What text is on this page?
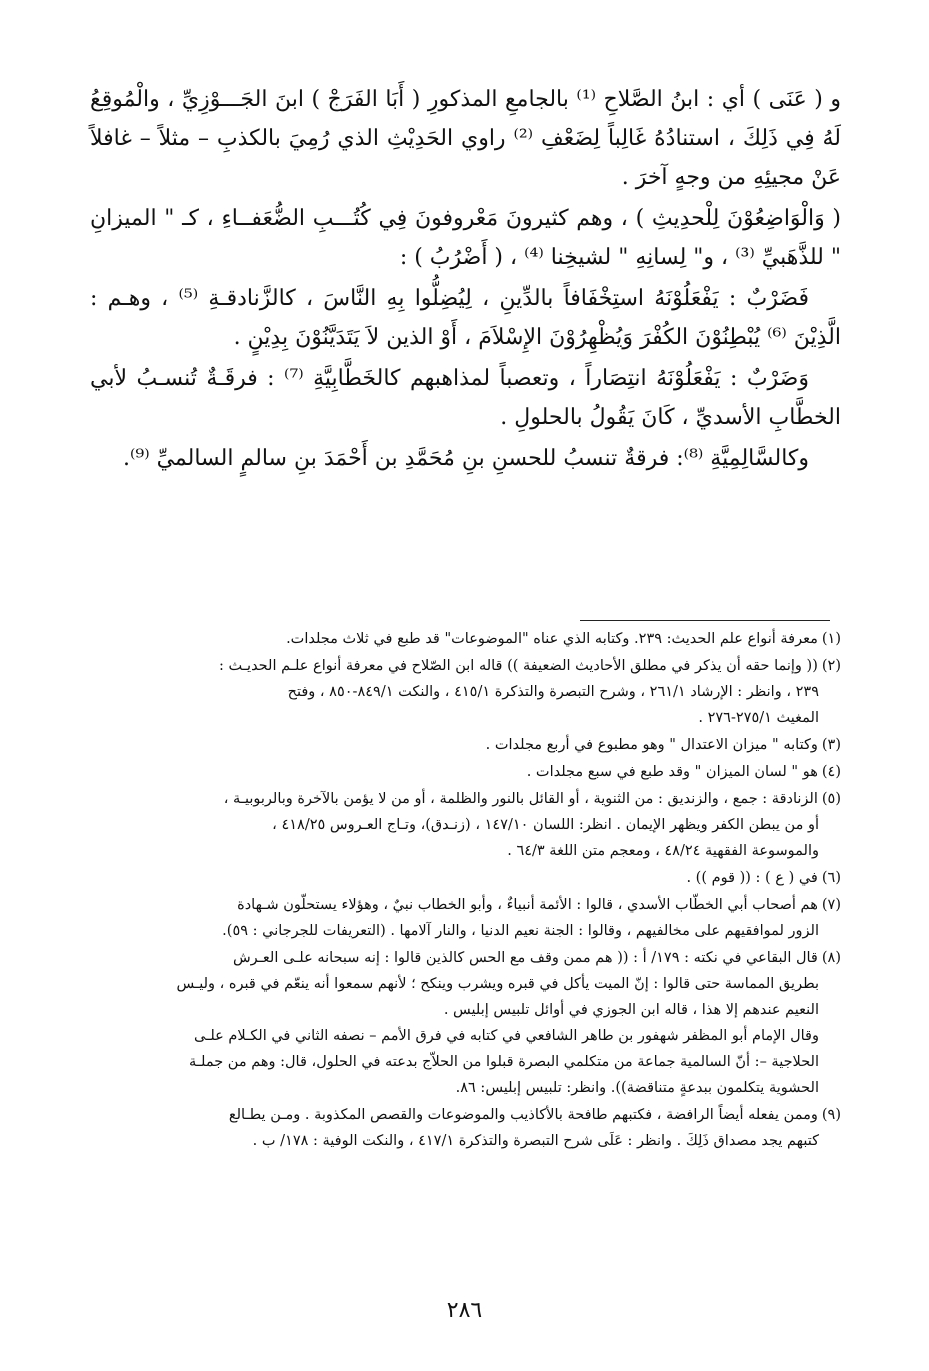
و ( عَنَى ) أي : ابنُ الصَّلاحِ ⁽¹⁾ بالجامعِ المذكورِ ( أَبَا الفَرَجْ ) ابنَ الجَـــوْزِيِّ ، والْمُوقِعُ لَهُ فِي ذَلِكَ ، استنادُهُ غَالِباً لِضَعْفِ ⁽²⁾ راوي الحَدِيْثِ الذي رُمِيَ بالكذبِ – مثلاً – غافلاً عَنْ مجيئِهِ من وجهٍ آخرَ .

( وَالْوَاضِعُوْنَ لِلْحدِيثِ ) ، وهم كثيرونَ مَعْروفونَ فِي كُتُـــبِ الضُّعَفــاءِ ، كـ " الميزانِ " للذَّهَبيِّ ⁽³⁾ ، و" لِسانِهِ " لشيخِنا ⁽⁴⁾ ، ( أَضْرُبُ ) :

فَضَرْبٌ : يَفْعَلُوْنَهُ استِخْفَافاً بالدِّينِ ، لِيُضِلُّوا بِهِ النَّاسَ ، كالزَّنادقـةِ ⁽⁵⁾ ، وهـم : الَّذِيْنَ ⁽⁶⁾ يُبْطِنُوْنَ الكُفْرَ وَيُظْهِرُوْنَ الإِسْلاَمَ ، أَوْ الذين لاَ يَتَدَيَّنُوْنَ بِدِيْنٍ .

وَضَرْبٌ : يَفْعَلُوْنَهُ انتِصَاراً ، وتعصباً لمذاهبهم كالخَطَّابِيَّةِ ⁽⁷⁾ : فرقَـةٌ تُنسـبُ لأبي الخطَّابِ الأسديِّ ، كَانَ يَقُولُ بالحلولِ .

وكالسَّالِمِيَّةِ ⁽⁸⁾: فرقةٌ تنسبُ للحسنِ بنِ مُحَمَّدِ بن أَحْمَدَ بنِ سالمٍ السالميِّ ⁽⁹⁾.

(١)معرفة أنواع علم الحديث: ٢٣٩. وكتابه الذي عناه "الموضوعات" قد طبع في ثلاث مجلدات.
(٢)(( وإنما حقه أن يذكر في مطلق الأحاديث الضعيفة )) قاله ابن الصّلاح في معرفة أنواع علـم الحديـث :
٢٣٩ ، وانظر : الإرشاد ٢٦١/١ ، وشرح التبصرة والتذكرة ٤١٥/١ ، والنكت ٨٤٩/١-٨٥٠ ، وفتح
المغيث ٢٧٥/١-٢٧٦ .
(٣)وكتابه " ميزان الاعتدال " وهو مطبوع في أربع مجلدات .
(٤)هو " لسان الميزان " وقد طبع في سبع مجلدات .
(٥)الزنادقة : جمع ، والزنديق : من الثنوية ، أو القائل بالنور والظلمة ، أو من لا يؤمن بالآخرة وبالربوبيـة ،
أو من يبطن الكفر ويظهر الإيمان . انظر: اللسان ١٤٧/١٠ ، (زنـدق)، وتـاج العـروس ٤١٨/٢٥ ،
والموسوعة الفقهية ٤٨/٢٤ ، ومعجم متن اللغة ٦٤/٣ .
(٦)في ( ع ) : (( قوم )) .
(٧)هم أصحاب أبي الخطّاب الأسدي ، قالوا : الأئمة أنبياءٌ ، وأبو الخطاب نبيٌ ، وهؤلاء يستحلّون شـهادة
الزور لموافقيهم على مخالفيهم ، وقالوا : الجنة نعيم الدنيا ، والنار آلامها . (التعريفات للجرجاني : ٥٩).
(٨)قال البقاعي في نكته : ١٧٩/ أ : (( هم ممن وقف مع الحس كالذين قالوا : إنه سبحانه علـى العـرش
بطريق المماسة حتى قالوا : إنّ الميت يأكل في قبره ويشرب وينكح ؛ لأنهم سمعوا أنه ينعّم في قبره ، وليـس
النعيم عندهم إلا هذا ، قاله ابن الجوزي في أوائل تلبيس إبليس .
وقال الإمام أبو المظفر شهفور بن طاهر الشافعي في كتابه في فرق الأمم – نصفه الثاني في الكـلام علـى
الحلاجية –: أنّ السالمية جماعة من متكلمي البصرة قبلوا من الحلاّج بدعته في الحلول، قال: وهم من جملـة
الحشوية يتكلمون ببدعةٍ متناقضة)). وانظر: تلبيس إبليس: ٨٦.
(٩)وممن يفعله أيضاً الرافضة ، فكتبهم طافحة بالأكاذيب والموضوعات والقصص المكذوبة . ومـن يطـالع
كتبهم يجد مصداق ذَلِكَ . وانظر : عَلَى شرح التبصرة والتذكرة ٤١٧/١ ، والنكت الوفية : ١٧٨/ ب .
٢٨٦
